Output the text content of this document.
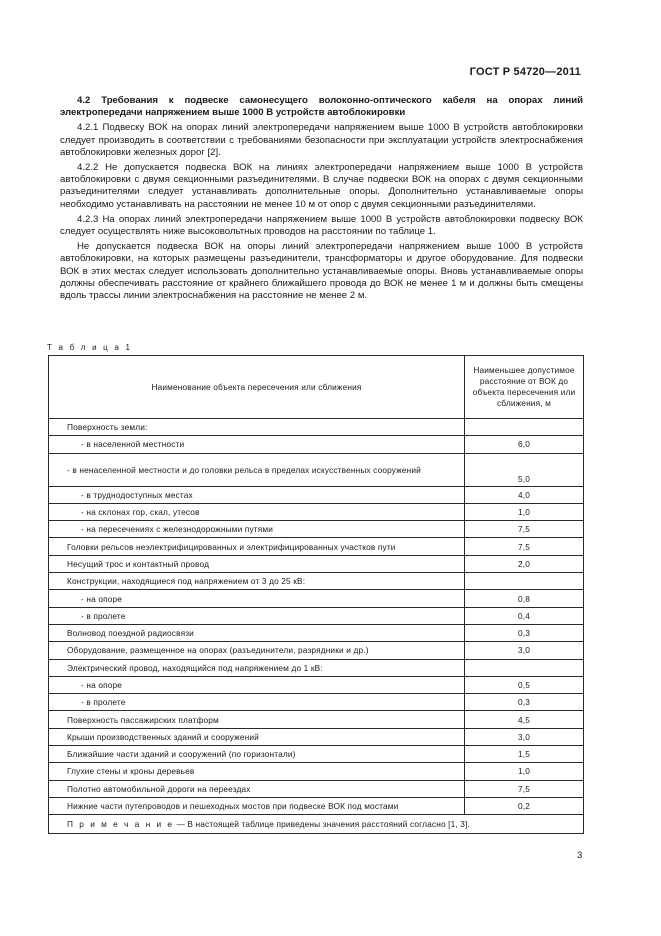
ГОСТ Р 54720—2011

4.2 Требования к подвеске самонесущего волоконно-оптического кабеля на опорах линий электропередачи напряжением выше 1000 В устройств автоблокировки

4.2.1 Подвеску ВОК на опорах линий электропередачи напряжением выше 1000 В устройств автоблокировки следует производить в соответствии с требованиями безопасности при эксплуатации устройств электроснабжения автоблокировки железных дорог [2].

4.2.2 Не допускается подвеска ВОК на линиях электропередачи напряжением выше 1000 В устройств автоблокировки с двумя секционными разъединителями. В случае подвески ВОК на опорах с двумя секционными разъединителями следует устанавливать дополнительные опоры. Дополнительно устанавливаемые опоры необходимо устанавливать на расстоянии не менее 10 м от опор с двумя секционными разъединителями.

4.2.3 На опорах линий электропередачи напряжением выше 1000 В устройств автоблокировки подвеску ВОК следует осуществлять ниже высоковольтных проводов на расстоянии по таблице 1.

Не допускается подвеска ВОК на опоры линий электропередачи напряжением выше 1000 В устройств автоблокировки, на которых размещены разъединители, трансформаторы и другое оборудование. Для подвески ВОК в этих местах следует использовать дополнительно устанавливаемые опоры. Вновь устанавливаемые опоры должны обеспечивать расстояние от крайнего ближайшего провода до ВОК не менее 1 м и должны быть смещены вдоль трассы линии электроснабжения на расстояние не менее 2 м.

Т а б л и ц а 1
Наименование объекта пересечения или сближения	Наименьшее допустимое расстояние от ВОК до объекта пересечения или сближения, м
Поверхность земли:	
- в населенной местности	6,0
- в ненаселенной местности и до головки рельса в пределах искусственных сооружений	5,0
- в труднодоступных местах	4,0
- на склонах гор, скал, утесов	1,0
- на пересечениях с железнодорожными путями	7,5
Головки рельсов неэлектрифицированных и электрифицированных участков пути	7,5
Несущий трос и контактный провод	2,0
Конструкции, находящиеся под напряжением от 3 до 25 кВ:	
- на опоре	0,8
- в пролете	0,4
Волновод поездной радиосвязи	0,3
Оборудование, размещенное на опорах (разъединители, разрядники и др.)	3,0
Электрический провод, находящийся под напряжением до 1 кВ:	
- на опоре	0,5
- в пролете	0,3
Поверхность пассажирских платформ	4,5
Крыши производственных зданий и сооружений	3,0
Ближайшие части зданий и сооружений (по горизонтали)	1,5
Глухие стены и кроны деревьев	1,0
Полотно автомобильной дороги на переездах	7,5
Нижние части путепроводов и пешеходных мостов при подвеске ВОК под мостами	0,2
П р и м е ч а н и е — В настоящей таблице приведены значения расстояний согласно [1, 3].	
3
